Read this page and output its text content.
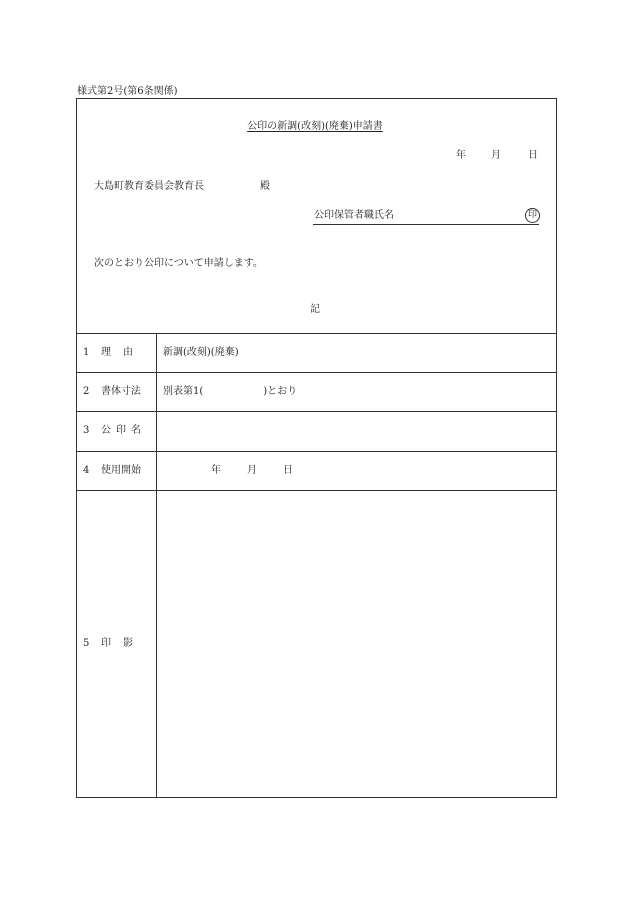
様式第2号(第6条関係)
公印の新調(改刻)(廃棄)申請書
年	月	日
大島町教育委員会教育長	殿
公印保管者職氏名	印
次のとおり公印について申請します。
記
1 理　由	新調(改刻)(廃棄)
2 書体寸法 別表第1(　　　　　　)とおり
3 公印名
4 使用開始	年	月	日
5 印　影
